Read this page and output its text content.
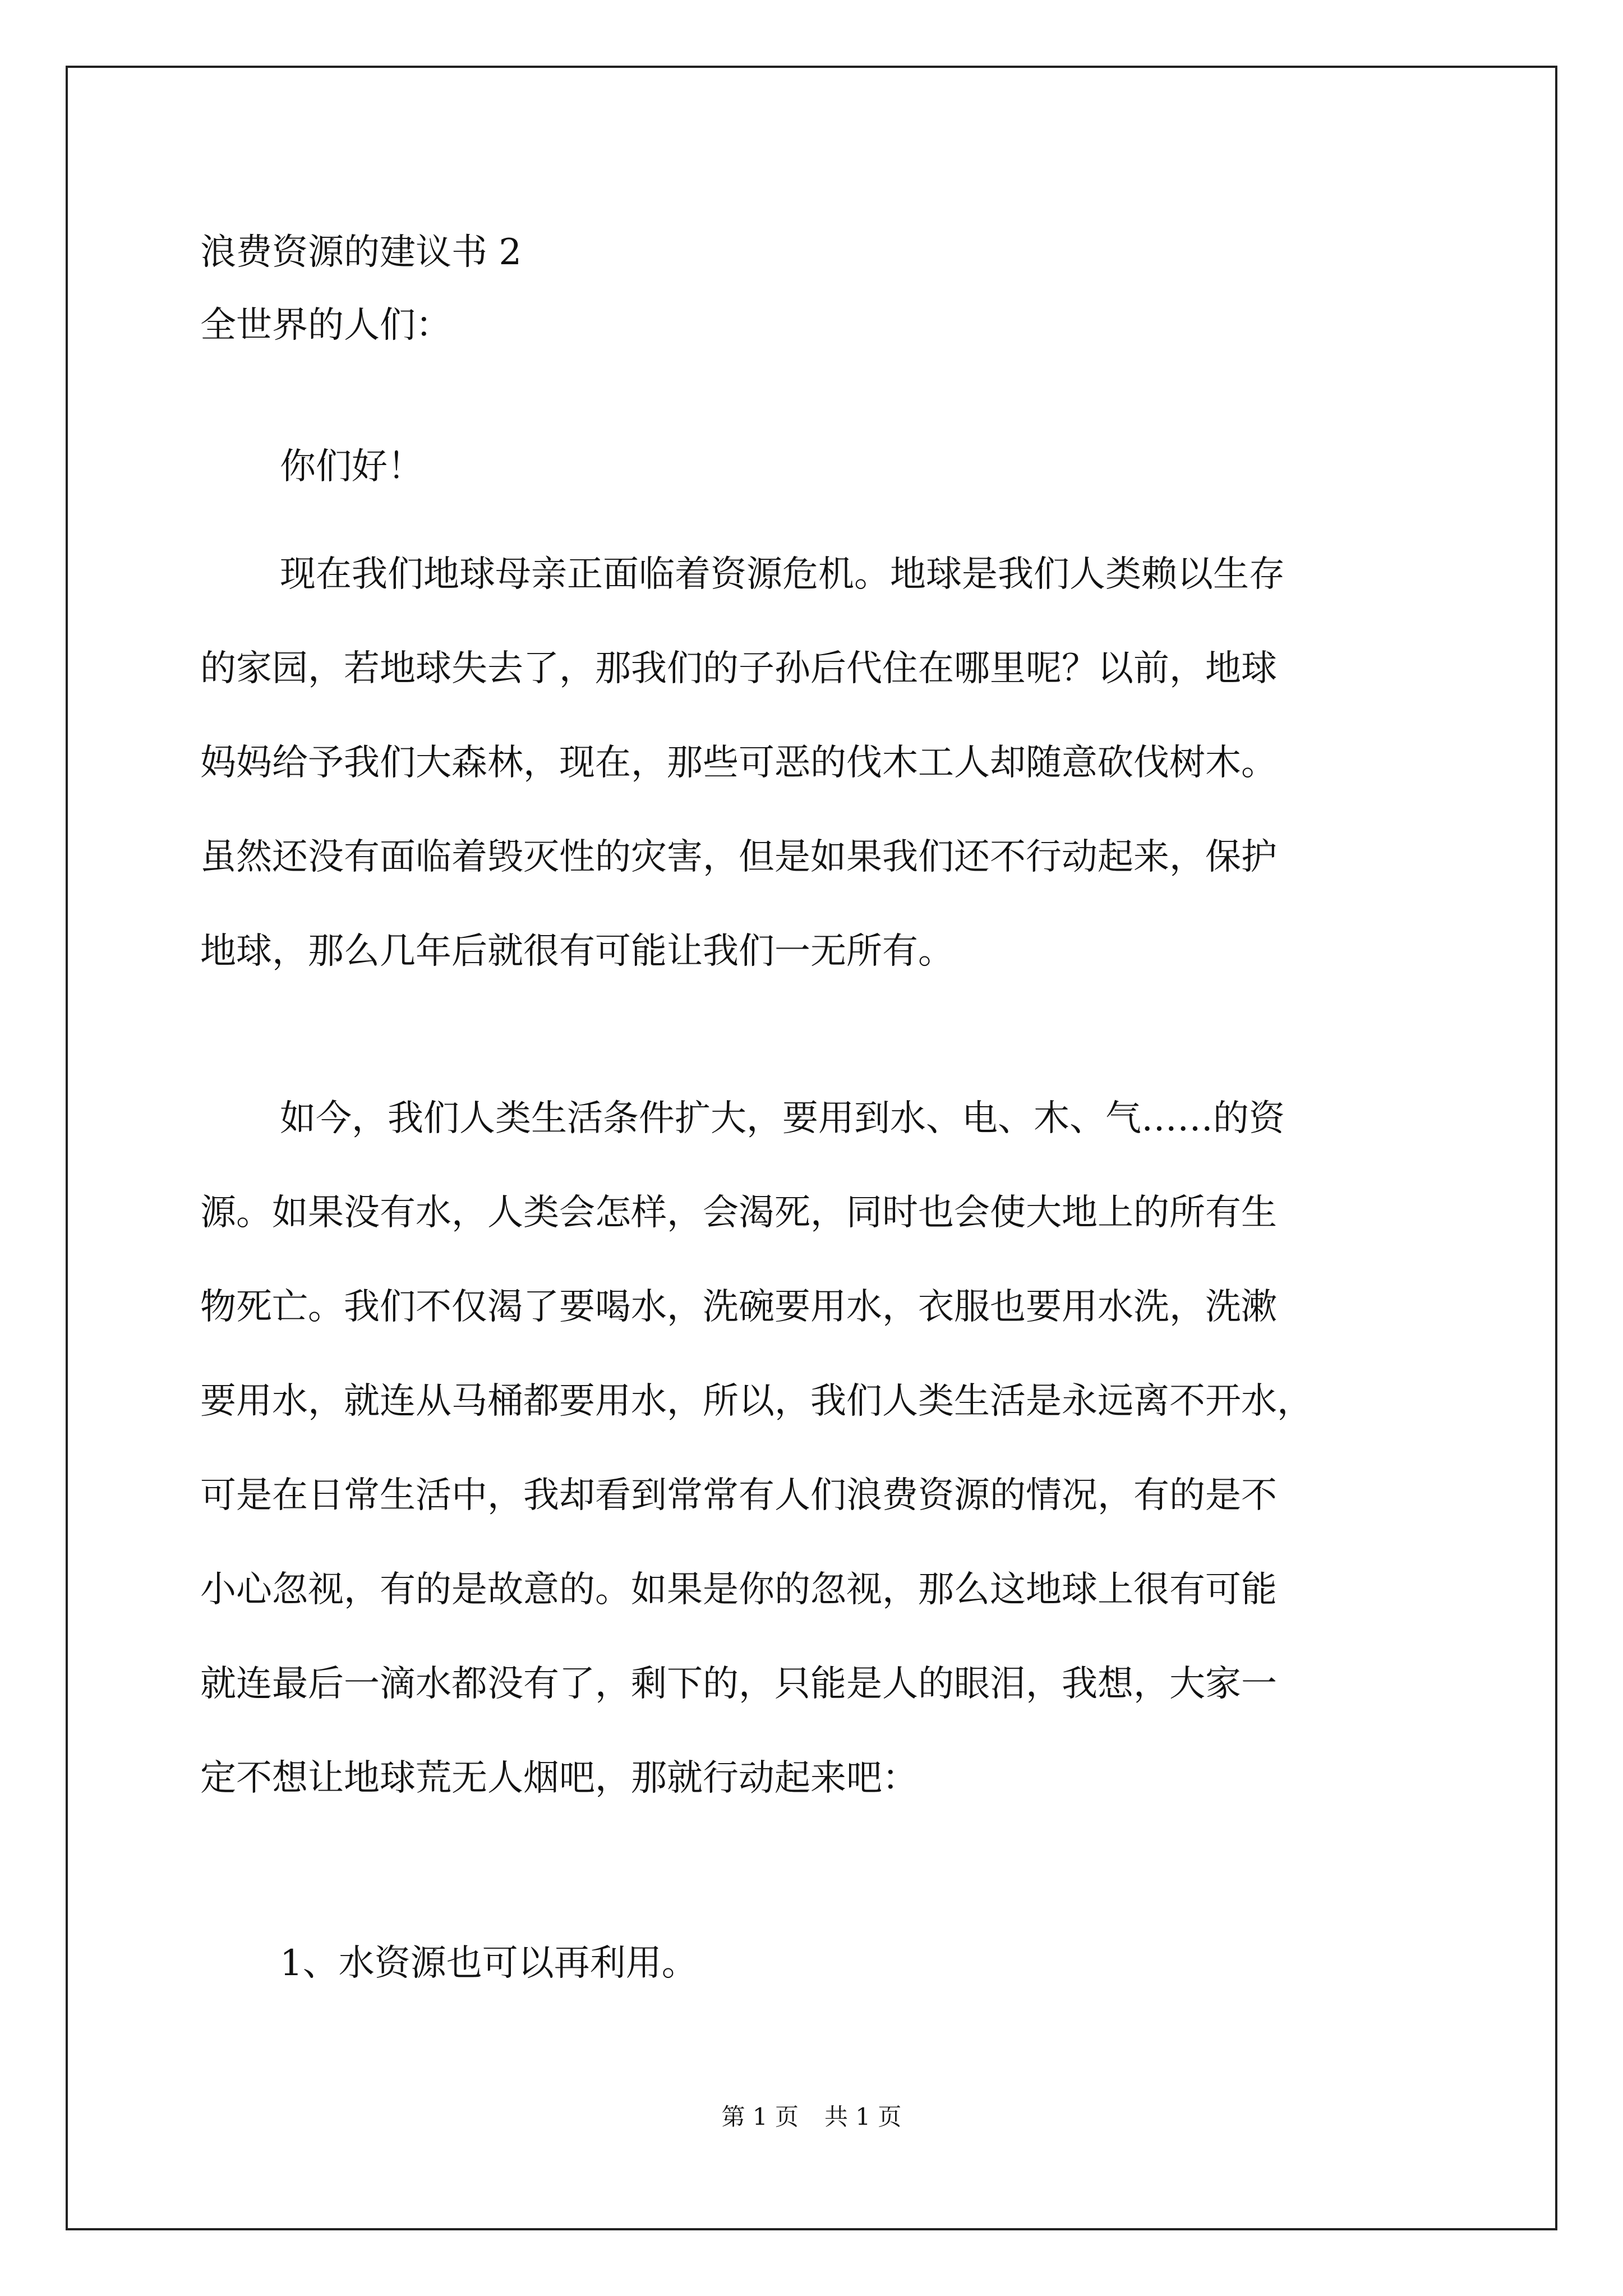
浪费资源的建议书 2
全世界的人们：
你们好！
现在我们地球母亲正面临着资源危机。地球是我们人类赖以生存
的家园，若地球失去了，那我们的子孙后代住在哪里呢？以前，地球
妈妈给予我们大森林，现在，那些可恶的伐木工人却随意砍伐树木。
虽然还没有面临着毁灭性的灾害，但是如果我们还不行动起来，保护
地球，那么几年后就很有可能让我们一无所有。
如今，我们人类生活条件扩大，要用到水、电、木、气……的资
源。如果没有水，人类会怎样，会渴死，同时也会使大地上的所有生
物死亡。我们不仅渴了要喝水，洗碗要用水，衣服也要用水洗，洗漱
要用水，就连从马桶都要用水，所以，我们人类生活是永远离不开水，
可是在日常生活中，我却看到常常有人们浪费资源的情况，有的是不
小心忽视，有的是故意的。如果是你的忽视，那么这地球上很有可能
就连最后一滴水都没有了，剩下的，只能是人的眼泪，我想，大家一
定不想让地球荒无人烟吧，那就行动起来吧：
1、水资源也可以再利用。
第 1 页 共 1 页
